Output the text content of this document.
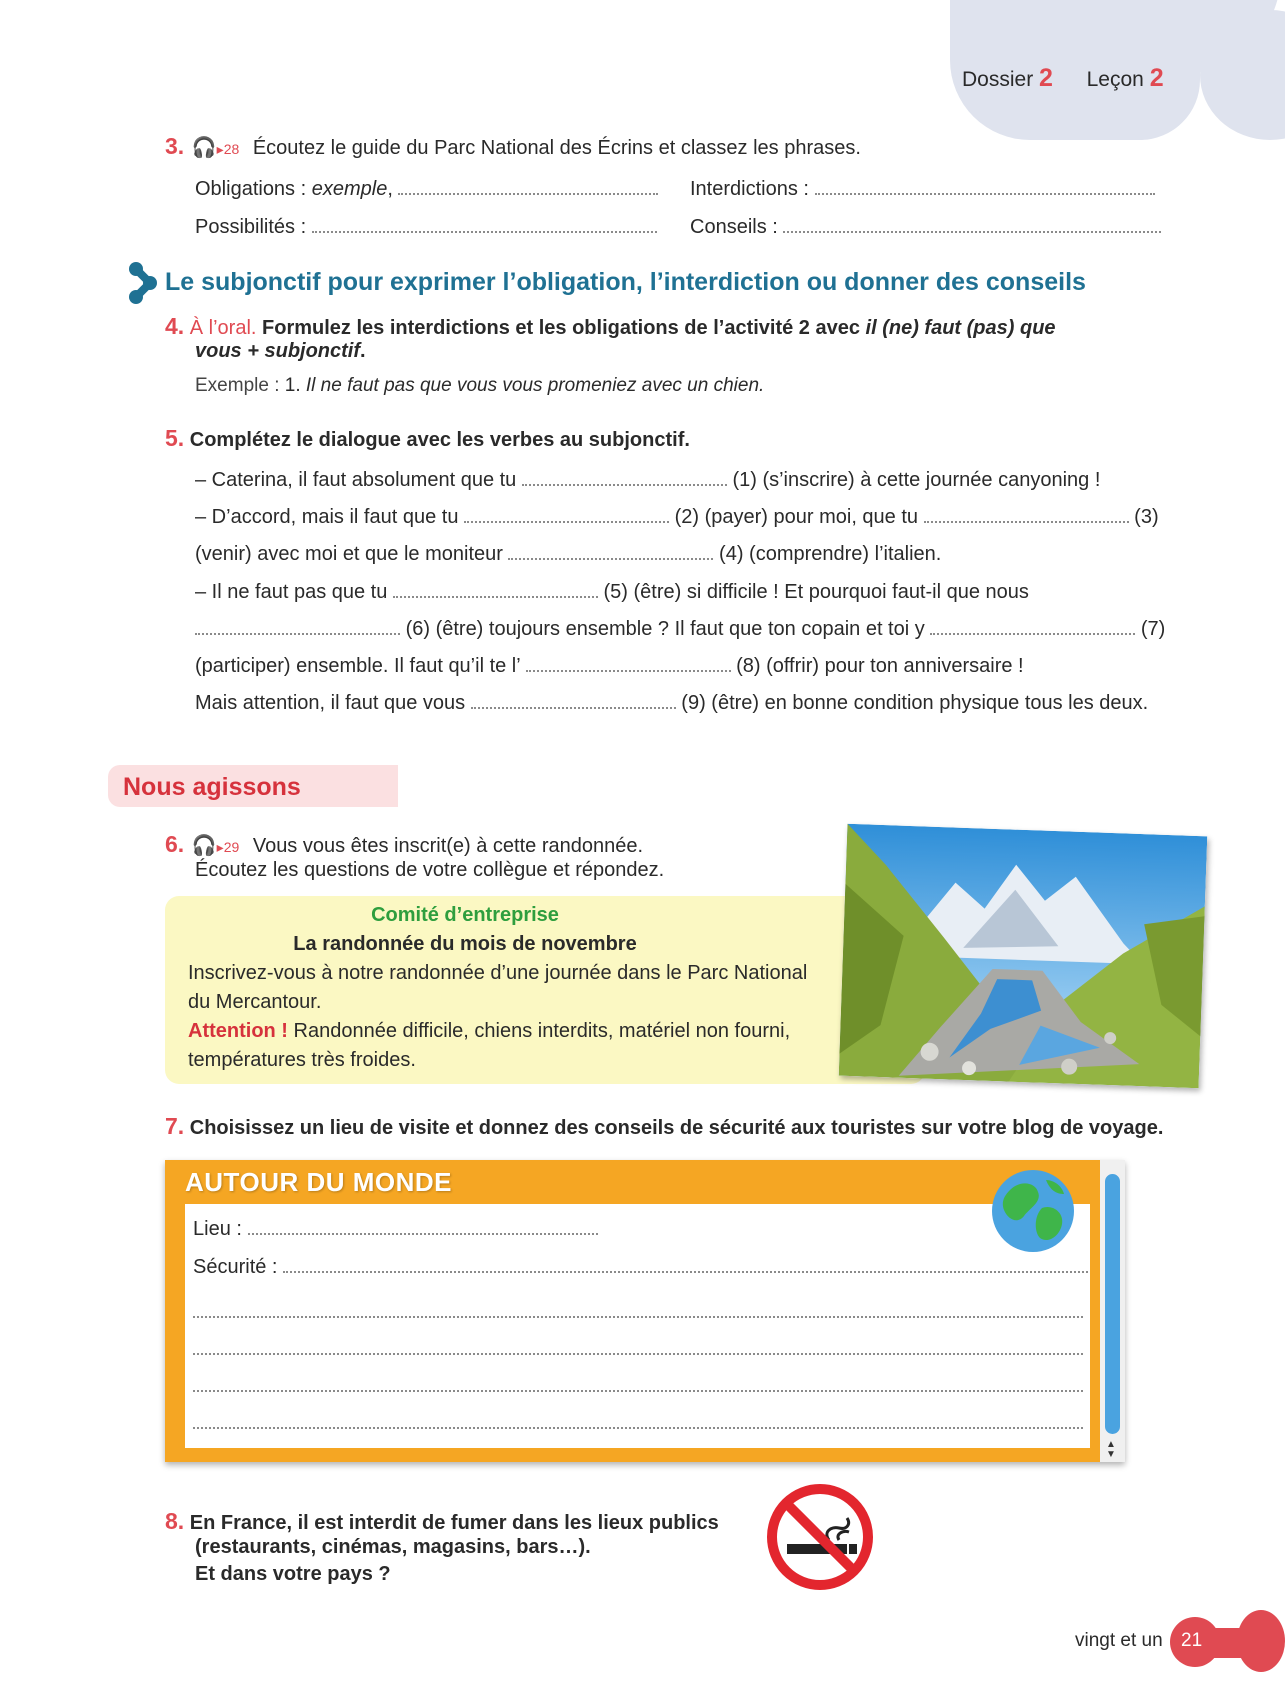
Dossier 2 Leçon 2
3. 🎧▸28 Écoutez le guide du Parc National des Écrins et classez les phrases.
Obligations : exemple,	Interdictions :
Possibilités :	Conseils :
Le subjonctif pour exprimer l’obligation, l’interdiction ou donner des conseils
4. À l’oral. Formulez les interdictions et les obligations de l’activité 2 avec il (ne) faut (pas) que
vous + subjonctif.
Exemple : 1. Il ne faut pas que vous vous promeniez avec un chien.
5. Complétez le dialogue avec les verbes au subjonctif.
– Caterina, il faut absolument que tu	(1) (s’inscrire) à cette journée canyoning !
– D’accord, mais il faut que tu	(2) (payer) pour moi, que tu	(3)
(venir) avec moi et que le moniteur	(4) (comprendre) l’italien.
– Il ne faut pas que tu	(5) (être) si difficile ! Et pourquoi faut-il que nous
(6) (être) toujours ensemble ? Il faut que ton copain et toi y	(7)
(participer) ensemble. Il faut qu’il te l’	(8) (offrir) pour ton anniversaire !
Mais attention, il faut que vous	(9) (être) en bonne condition physique tous les deux.
Nous agissons
6. 🎧▸29 Vous vous êtes inscrit(e) à cette randonnée.
Écoutez les questions de votre collègue et répondez.
Comité d’entreprise
La randonnée du mois de novembre
Inscrivez-vous à notre randonnée d’une journée dans le Parc National
du Mercantour.
Attention ! Randonnée difficile, chiens interdits, matériel non fourni,
températures très froides.
7. Choisissez un lieu de visite et donnez des conseils de sécurité aux touristes sur votre blog de voyage.
AUTOUR DU MONDE
Lieu :
Sécurité :
▲
▼
8. En France, il est interdit de fumer dans les lieux publics
(restaurants, cinémas, magasins, bars…).
Et dans votre pays ?
vingt et un 21
